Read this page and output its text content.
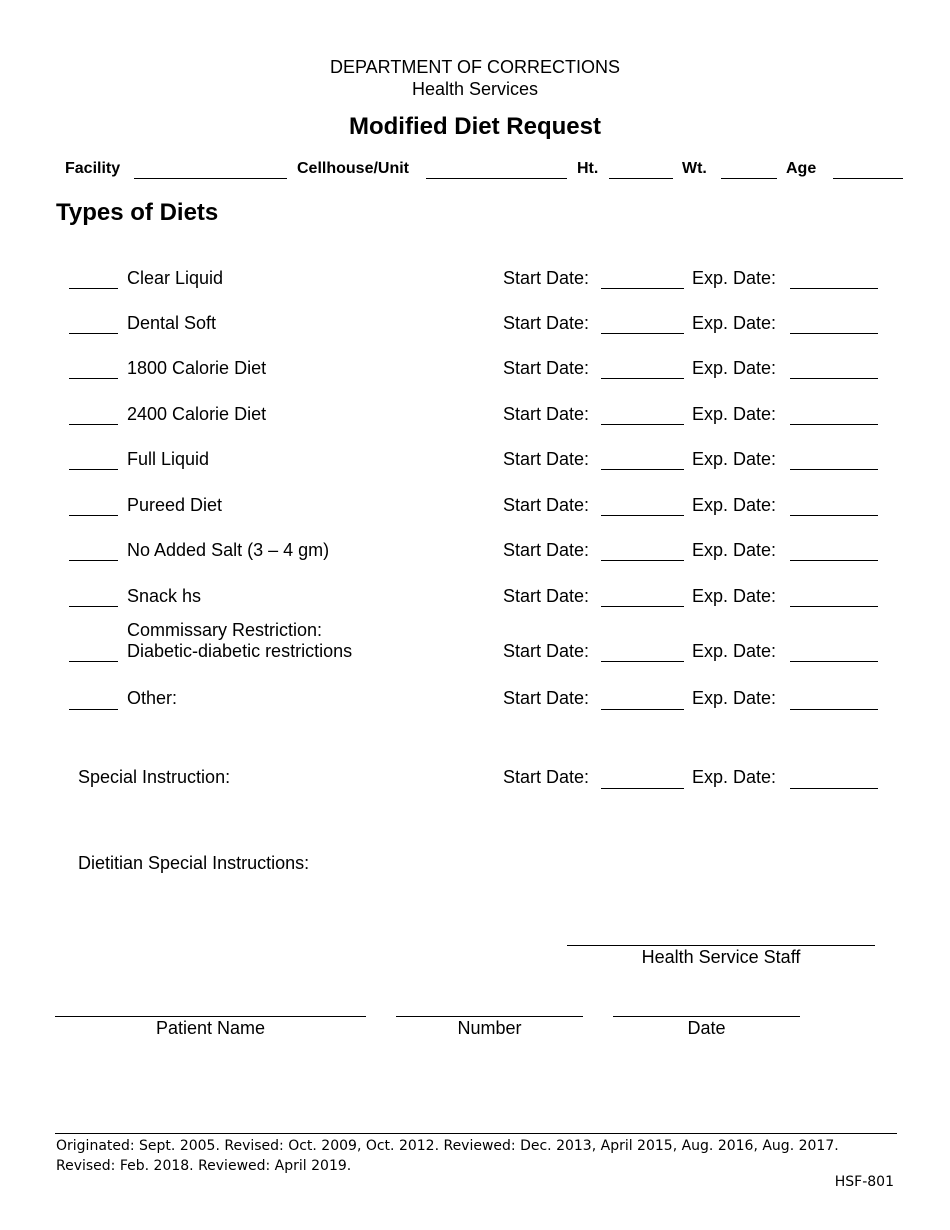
DEPARTMENT OF CORRECTIONS
Health Services
Modified Diet Request
Facility	Cellhouse/Unit	Ht.	Wt.	Age
Types of Diets
Clear Liquid	Start Date:	Exp. Date:
Dental Soft	Start Date:	Exp. Date:
1800 Calorie Diet	Start Date:	Exp. Date:
2400 Calorie Diet	Start Date:	Exp. Date:
Full Liquid	Start Date:	Exp. Date:
Pureed Diet	Start Date:	Exp. Date:
No Added Salt (3 – 4 gm)	Start Date:	Exp. Date:
Snack hs	Start Date:	Exp. Date:
Commissary Restriction:
Diabetic-diabetic restrictions	Start Date:	Exp. Date:
Other:	Start Date:	Exp. Date:
Special Instruction:	Start Date:	Exp. Date:
Dietitian Special Instructions:
Health Service Staff
Patient Name	Number	Date
Originated: Sept. 2005. Revised: Oct. 2009, Oct. 2012. Reviewed: Dec. 2013, April 2015, Aug. 2016, Aug. 2017. Revised: Feb. 2018. Reviewed: April 2019.
HSF-801
